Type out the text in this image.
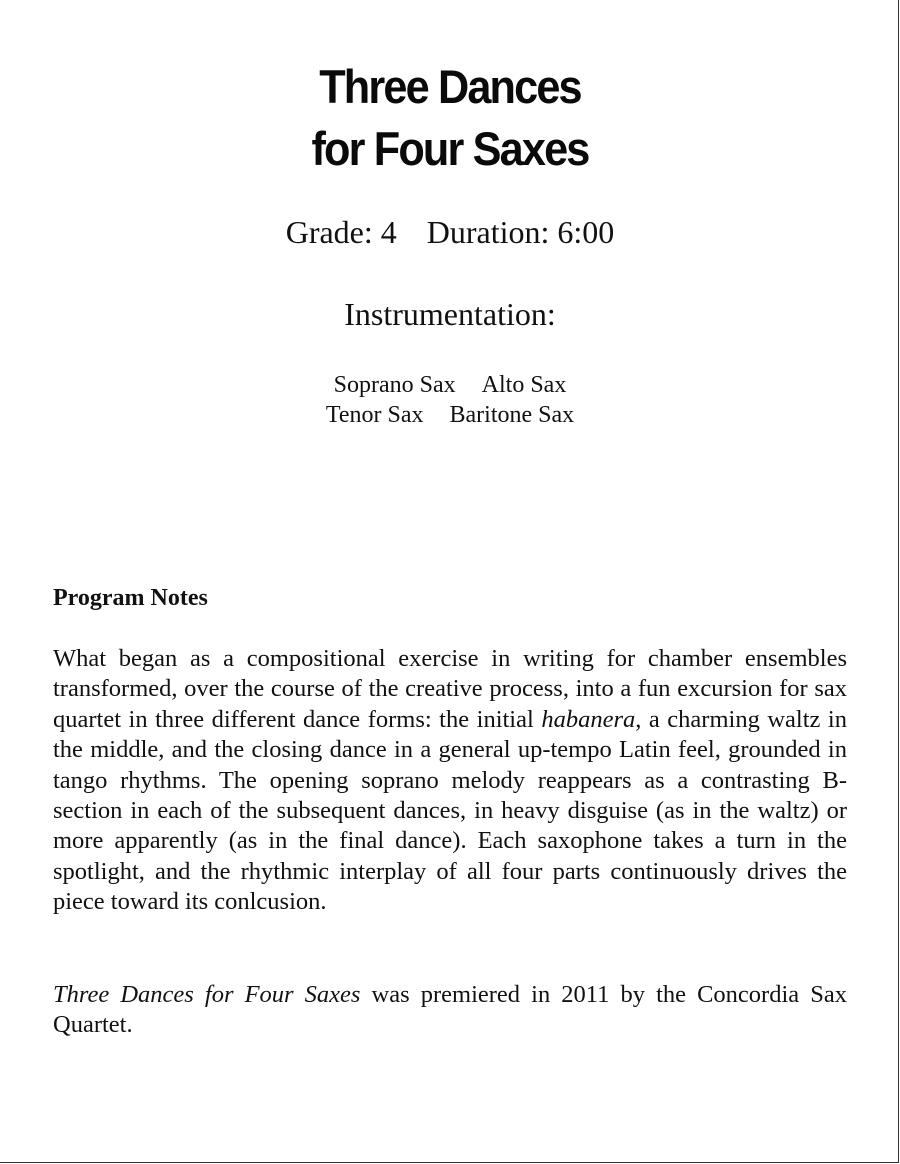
Three Dances
for Four Saxes
Grade: 4 Duration: 6:00
Instrumentation:
Soprano Sax Alto Sax
Tenor Sax Baritone Sax
Program Notes

What began as a compositional exercise in writing for chamber ensembles transformed, over the course of the creative process, into a fun excursion for sax quartet in three different dance forms: the initial habanera, a charming waltz in the middle, and the closing dance in a general up-tempo Latin feel, grounded in tango rhythms. The opening soprano melody reappears as a contrasting B-section in each of the subsequent dances, in heavy disguise (as in the waltz) or more apparently (as in the final dance). Each saxophone takes a turn in the spotlight, and the rhythmic interplay of all four parts continuously drives the piece toward its conlcusion.

Three Dances for Four Saxes was premiered in 2011 by the Concordia Sax Quartet.
